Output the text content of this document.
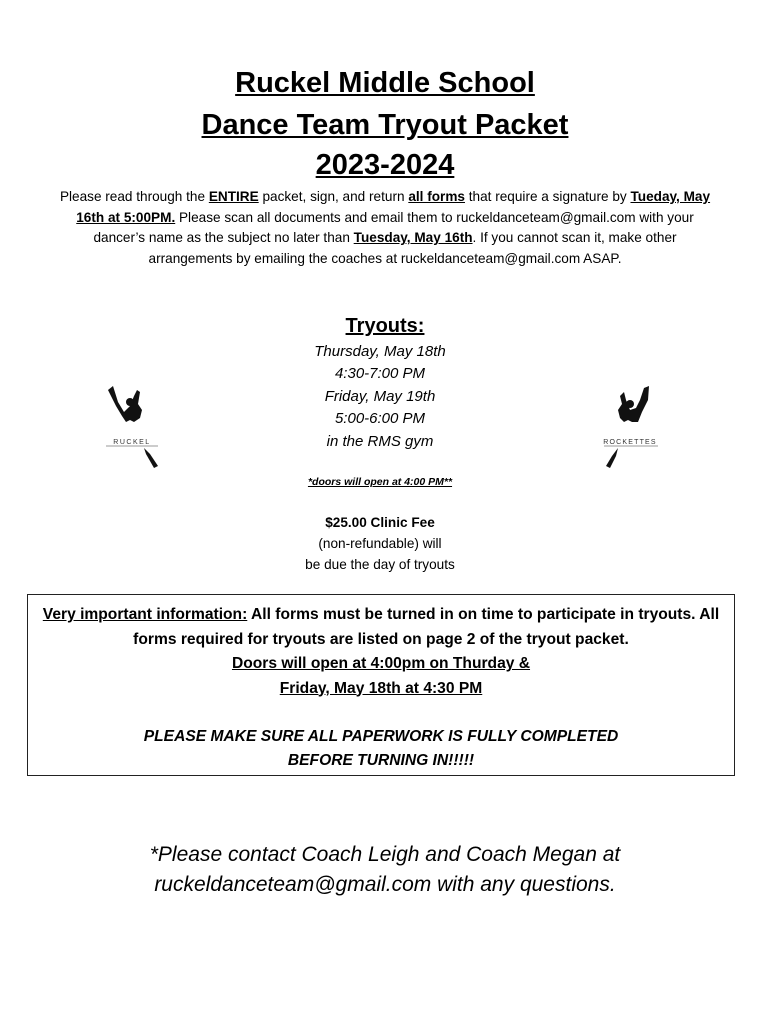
Ruckel Middle School
Dance Team Tryout Packet
2023-2024

Please read through the ENTIRE packet, sign, and return all forms that require a signature by Tueday, May 16th at 5:00PM. Please scan all documents and email them to ruckeldanceteam@gmail.com with your dancer’s name as the subject no later than Tuesday, May 16th. If you cannot scan it, make other arrangements by emailing the coaches at ruckeldanceteam@gmail.com ASAP.

Tryouts:
Thursday, May 18th
4:30-7:00 PM
Friday, May 19th
5:00-6:00 PM
in the RMS gym
*doors will open at 4:00 PM**
$25.00 Clinic Fee
(non-refundable) will
be due the day of tryouts
RUCKEL	ROCKETTES
Very important information: All forms must be turned in on time to participate in tryouts. All forms required for tryouts are listed on page 2 of the tryout packet.
Doors will open at 4:00pm on Thurday &
Friday, May 18th at 4:30 PM
PLEASE MAKE SURE ALL PAPERWORK IS FULLY COMPLETED
BEFORE TURNING IN!!!!!
*Please contact Coach Leigh and Coach Megan at
ruckeldanceteam@gmail.com with any questions.
